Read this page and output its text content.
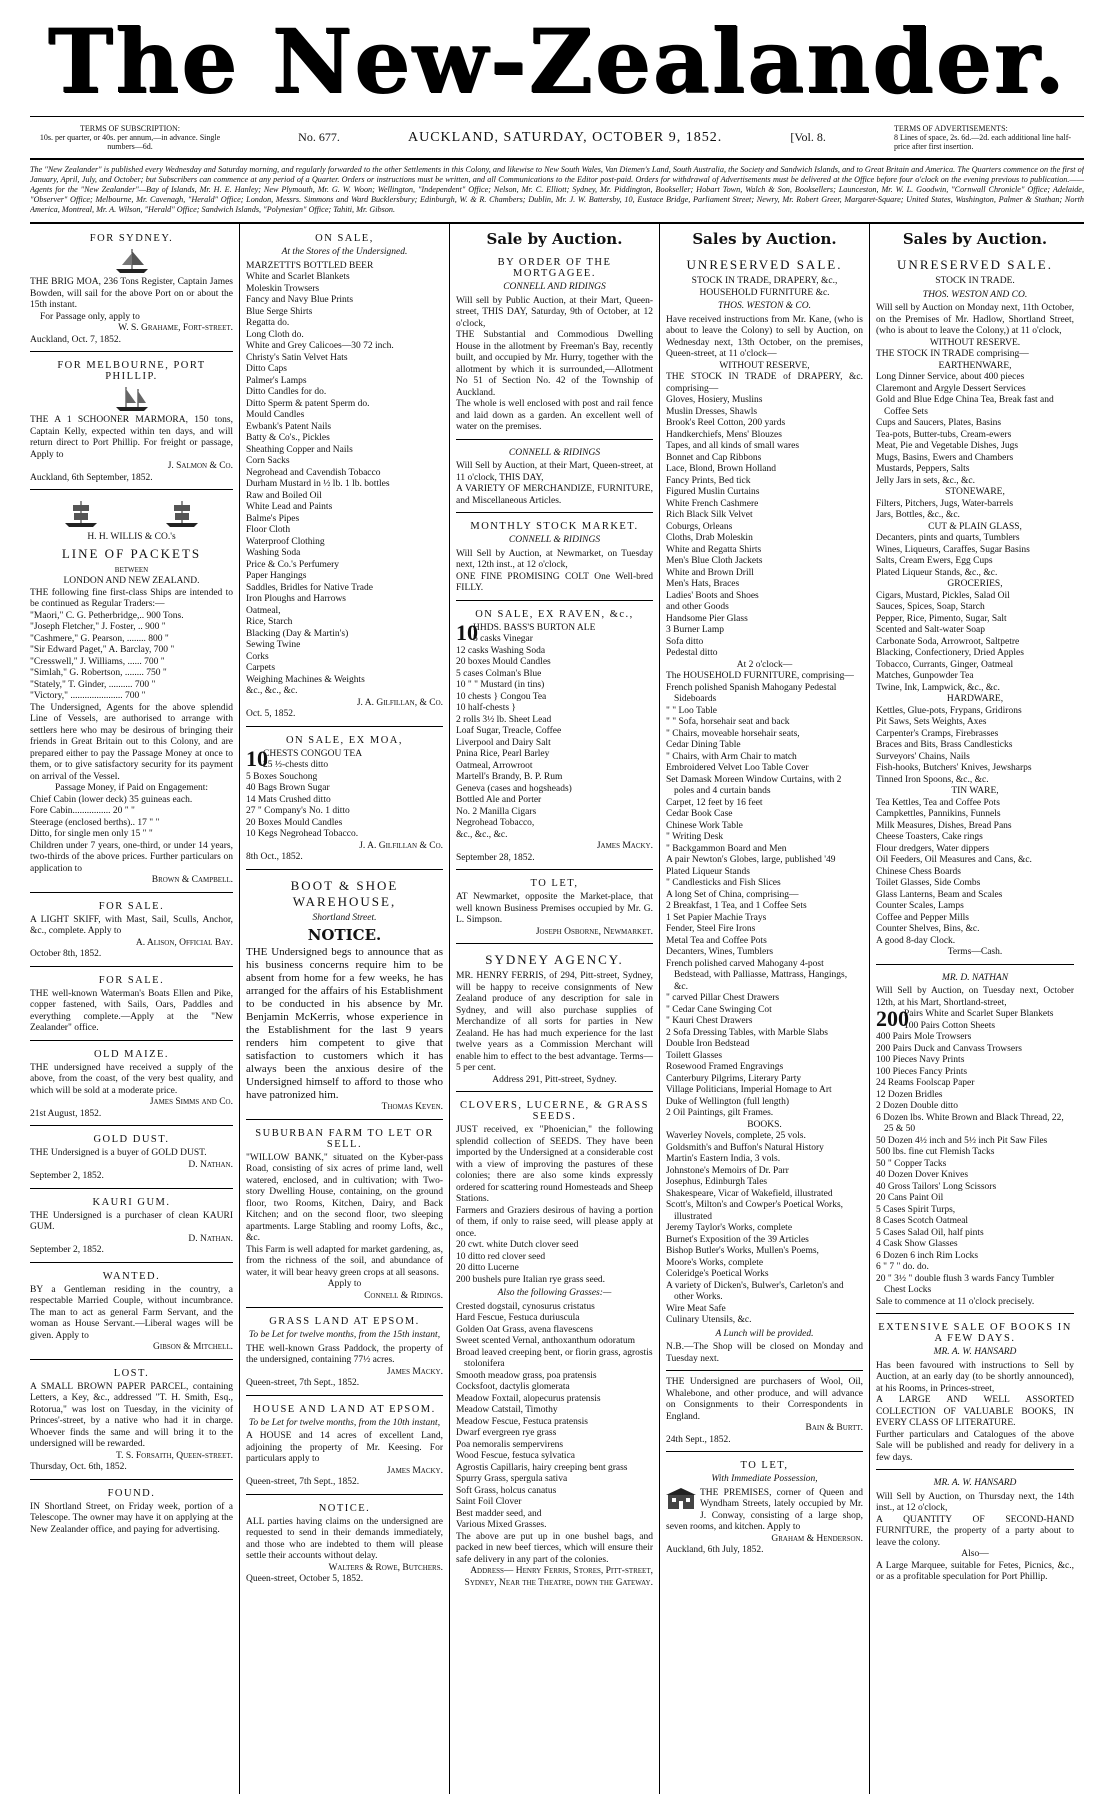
The New-Zealander.
TERMS OF SUBSCRIPTION:
10s. per quarter, or 40s. per annum,—in advance. Single numbers—6d.
No. 677.	AUCKLAND, SATURDAY, OCTOBER 9, 1852.	[Vol. 8.
TERMS OF ADVERTISEMENTS:
8 Lines of space, 2s. 6d.—2d. each additional line half-price after first insertion.
The "New Zealander" is published every Wednesday and Saturday morning, and regularly forwarded to the other Settlements in this Colony, and likewise to New South Wales, Van Diemen's Land, South Australia, the Society and Sandwich Islands, and to Great Britain and America. The Quarters commence on the first of January, April, July, and October; but Subscribers can commence at any period of a Quarter. Orders or instructions must be written, and all Communications to the Editor post-paid. Orders for withdrawal of Advertisements must be delivered at the Office before four o'clock on the evening previous to publication.——Agents for the "New Zealander"—Bay of Islands, Mr. H. E. Hanley; New Plymouth, Mr. G. W. Woon; Wellington, "Independent" Office; Nelson, Mr. C. Elliott; Sydney, Mr. Piddington, Bookseller; Hobart Town, Walch & Son, Booksellers; Launceston, Mr. W. L. Goodwin, "Cornwall Chronicle" Office; Adelaide, "Observer" Office; Melbourne, Mr. Cavenagh, "Herald" Office; London, Messrs. Simmons and Ward Bucklersbury; Edinburgh, W. & R. Chambers; Dublin, Mr. J. W. Battersby, 10, Eustace Bridge, Parliament Street; Newry, Mr. Robert Greer, Margaret-Square; United States, Washington, Palmer & Stathan; North America, Montreal, Mr. A. Wilson, "Herald" Office; Sandwich Islands, "Polynesian" Office; Tahiti, Mr. Gibson.
FOR SYDNEY.

THE BRIG MOA, 236 Tons Register, Captain James Bowden, will sail for the above Port on or about the 15th instant.

For Passage only, apply to

W. S. Grahame, Fort-street.

Auckland, Oct. 7, 1852.

FOR MELBOURNE, PORT PHILLIP.

THE A 1 SCHOONER MARMORA, 150 tons, Captain Kelly, expected within ten days, and will return direct to Port Phillip. For freight or passage, Apply to

J. Salmon & Co.

Auckland, 6th September, 1852.

H. H. WILLIS & CO.'s

LINE OF PACKETS

BETWEEN

LONDON AND NEW ZEALAND.

THE following fine first-class Ships are intended to be continued as Regular Traders:—

"Maori," C. G. Petherbridge,.. 900 Tons.

"Joseph Fletcher," J. Foster, .. 900 "

"Cashmere," G. Pearson, ........ 800 "

"Sir Edward Paget," A. Barclay, 700 "

"Cresswell," J. Williams, ...... 700 "

"Simlah," G. Robertson, ........ 750 "

"Stately," T. Ginder, .......... 700 "

"Victory," ...................... 700 "

The Undersigned, Agents for the above splendid Line of Vessels, are authorised to arrange with settlers here who may be desirous of bringing their friends in Great Britain out to this Colony, and are prepared either to pay the Passage Money at once to them, or to give satisfactory security for its payment on arrival of the Vessel.

Passage Money, if Paid on Engagement:

Chief Cabin (lower deck) 35 guineas each.

Fore Cabin................ 20 " "

Steerage (enclosed berths).. 17 " "

Ditto, for single men only 15 " "

Children under 7 years, one-third, or under 14 years, two-thirds of the above prices. Further particulars on application to

Brown & Campbell.

FOR SALE.

A LIGHT SKIFF, with Mast, Sail, Sculls, Anchor, &c., complete. Apply to

A. Alison, Official Bay.

October 8th, 1852.

FOR SALE.

THE well-known Waterman's Boats Ellen and Pike, copper fastened, with Sails, Oars, Paddles and everything complete.—Apply at the "New Zealander" office.

OLD MAIZE.

THE undersigned have received a supply of the above, from the coast, of the very best quality, and which will be sold at a moderate price.

James Simms and Co.

21st August, 1852.

GOLD DUST.

THE Undersigned is a buyer of GOLD DUST.

D. Nathan.

September 2, 1852.

KAURI GUM.

THE Undersigned is a purchaser of clean KAURI GUM.

D. Nathan.

September 2, 1852.

WANTED.

BY a Gentleman residing in the country, a respectable Married Couple, without incumbrance. The man to act as general Farm Servant, and the woman as House Servant.—Liberal wages will be given. Apply to

Gibson & Mitchell.

LOST.

A SMALL BROWN PAPER PARCEL, containing Letters, a Key, &c., addressed "T. H. Smith, Esq., Rotorua," was lost on Tuesday, in the vicinity of Princes'-street, by a native who had it in charge. Whoever finds the same and will bring it to the undersigned will be rewarded.

T. S. Forsaith, Queen-street.

Thursday, Oct. 6th, 1852.

FOUND.

IN Shortland Street, on Friday week, portion of a Telescope. The owner may have it on applying at the New Zealander office, and paying for advertising.

ON SALE,

At the Stores of the Undersigned.

MARZETTI'S BOTTLED BEER

White and Scarlet Blankets

Moleskin Trowsers

Fancy and Navy Blue Prints

Blue Serge Shirts

Regatta do.

Long Cloth do.

White and Grey Calicoes—30 72 inch.

Christy's Satin Velvet Hats

Ditto Caps

Palmer's Lamps

Ditto Candles for do.

Ditto Sperm & patent Sperm do.

Mould Candles

Ewbank's Patent Nails

Batty & Co's., Pickles

Sheathing Copper and Nails

Corn Sacks

Negrohead and Cavendish Tobacco

Durham Mustard in ½ lb. 1 lb. bottles

Raw and Boiled Oil

White Lead and Paints

Balme's Pipes

Floor Cloth

Waterproof Clothing

Washing Soda

Price & Co.'s Perfumery

Paper Hangings

Saddles, Bridles for Native Trade

Iron Ploughs and Harrows

Oatmeal,

Rice, Starch

Blacking (Day & Martin's)

Sewing Twine

Corks

Carpets

Weighing Machines & Weights

&c., &c., &c.

J. A. Gilfillan, & Co.

Oct. 5, 1852.

ON SALE, EX MOA,
10

CHESTS CONGOU TEA

25 ½-chests ditto

5 Boxes Souchong

40 Bags Brown Sugar

14 Mats Crushed ditto

27 " Company's No. 1 ditto

20 Boxes Mould Candles

10 Kegs Negrohead Tobacco.

J. A. Gilfillan & Co.

8th Oct., 1852.

BOOT & SHOE WAREHOUSE,

Shortland Street.

NOTICE.

THE Undersigned begs to announce that as his business concerns require him to be absent from home for a few weeks, he has arranged for the affairs of his Establishment to be conducted in his absence by Mr. Benjamin McKerris, whose experience in the Establishment for the last 9 years renders him competent to give that satisfaction to customers which it has always been the anxious desire of the Undersigned himself to afford to those who have patronized him.

Thomas Keven.

SUBURBAN FARM TO LET OR SELL.

"WILLOW BANK," situated on the Kyber-pass Road, consisting of six acres of prime land, well watered, enclosed, and in cultivation; with Two-story Dwelling House, containing, on the ground floor, two Rooms, Kitchen, Dairy, and Back Kitchen; and on the second floor, two sleeping apartments. Large Stabling and roomy Lofts, &c., &c.

This Farm is well adapted for market gardening, as, from the richness of the soil, and abundance of water, it will bear heavy green crops at all seasons.

Apply to

Connell & Ridings.

GRASS LAND AT EPSOM.

To be Let for twelve months, from the 15th instant,

THE well-known Grass Paddock, the property of the undersigned, containing 77½ acres.

James Macky.

Queen-street, 7th Sept., 1852.

HOUSE AND LAND AT EPSOM.

To be Let for twelve months, from the 10th instant,

A HOUSE and 14 acres of excellent Land, adjoining the property of Mr. Keesing. For particulars apply to

James Macky.

Queen-street, 7th Sept., 1852.

NOTICE.

ALL parties having claims on the undersigned are requested to send in their demands immediately, and those who are indebted to them will please settle their accounts without delay.

Walters & Rowe, Butchers.

Queen-street, October 5, 1852.

Sale by Auction.
BY ORDER OF THE MORTGAGEE.

CONNELL AND RIDINGS

Will sell by Public Auction, at their Mart, Queen-street, THIS DAY, Saturday, 9th of October, at 12 o'clock,

THE Substantial and Commodious Dwelling House in the allotment by Freeman's Bay, recently built, and occupied by Mr. Hurry, together with the allotment by which it is surrounded,—Allotment No 51 of Section No. 42 of the Township of Auckland.

The whole is well enclosed with post and rail fence and laid down as a garden. An excellent well of water on the premises.

CONNELL & RIDINGS

Will Sell by Auction, at their Mart, Queen-street, at 11 o'clock, THIS DAY,

A VARIETY OF MERCHANDIZE, FURNITURE, and Miscellaneous Articles.

MONTHLY STOCK MARKET.

CONNELL & RIDINGS

Will Sell by Auction, at Newmarket, on Tuesday next, 12th inst., at 12 o'clock,

ONE FINE PROMISING COLT One Well-bred FILLY.

ON SALE, EX RAVEN, &c.,
10

HHDS. BASS'S BURTON ALE

5 casks Vinegar

12 casks Washing Soda

20 boxes Mould Candles

5 cases Colman's Blue

10 " " Mustard (in tins)

10 chests } Congou Tea

10 half-chests }

2 rolls 3½ lb. Sheet Lead

Loaf Sugar, Treacle, Coffee

Liverpool and Dairy Salt

Pnina Rice, Pearl Barley

Oatmeal, Arrowroot

Martell's Brandy, B. P. Rum

Geneva (cases and hogsheads)

Bottled Ale and Porter

No. 2 Manilla Cigars

Negrohead Tobacco,

&c., &c., &c.

James Macky.

September 28, 1852.

TO LET,

AT Newmarket, opposite the Market-place, that well known Business Premises occupied by Mr. G. L. Simpson.

Joseph Osborne, Newmarket.

SYDNEY AGENCY.

MR. HENRY FERRIS, of 294, Pitt-street, Sydney, will be happy to receive consignments of New Zealand produce of any description for sale in Sydney, and will also purchase supplies of Merchandize of all sorts for parties in New Zealand. He has had much experience for the last twelve years as a Commission Merchant will enable him to effect to the best advantage. Terms—5 per cent.

Address 291, Pitt-street, Sydney.

CLOVERS, LUCERNE, & GRASS SEEDS.

JUST received, ex "Phoenician," the following splendid collection of SEEDS. They have been imported by the Undersigned at a considerable cost with a view of improving the pastures of these colonies; there are also some kinds expressly ordered for scattering round Homesteads and Sheep Stations.

Farmers and Graziers desirous of having a portion of them, if only to raise seed, will please apply at once.

20 cwt. white Dutch clover seed

10 ditto red clover seed

20 ditto Lucerne

200 bushels pure Italian rye grass seed.

Also the following Grasses:—

Crested dogstail, cynosurus cristatus

Hard Fescue, Festuca duriuscula

Golden Oat Grass, avena flavescens

Sweet scented Vernal, anthoxanthum odoratum

Broad leaved creeping bent, or fiorin grass, agrostis stolonifera

Smooth meadow grass, poa pratensis

Cocksfoot, dactylis glomerata

Meadow Foxtail, alopecurus pratensis

Meadow Catstail, Timothy

Meadow Fescue, Festuca pratensis

Dwarf evergreen rye grass

Poa nemoralis sempervirens

Wood Fescue, festuca sylvatica

Agrostis Capillaris, hairy creeping bent grass

Spurry Grass, spergula sativa

Soft Grass, holcus canatus

Saint Foil Clover

Best madder seed, and

Various Mixed Grasses.

The above are put up in one bushel bags, and packed in new beef tierces, which will ensure their safe delivery in any part of the colonies.

Address— Henry Ferris, Stores, Pitt-street, Sydney, Near the Theatre, down the Gateway.

Sales by Auction.
UNRESERVED SALE.

STOCK IN TRADE, DRAPERY, &c.,

HOUSEHOLD FURNITURE &c.

THOS. WESTON & CO.

Have received instructions from Mr. Kane, (who is about to leave the Colony) to sell by Auction, on Wednesday next, 13th October, on the premises, Queen-street, at 11 o'clock—

WITHOUT RESERVE,

THE STOCK IN TRADE of DRAPERY, &c. comprising—

Gloves, Hosiery, Muslins

Muslin Dresses, Shawls

Brook's Reel Cotton, 200 yards

Handkerchiefs, Mens' Blouzes

Tapes, and all kinds of small wares

Bonnet and Cap Ribbons

Lace, Blond, Brown Holland

Fancy Prints, Bed tick

Figured Muslin Curtains

White French Cashmere

Rich Black Silk Velvet

Coburgs, Orleans

Cloths, Drab Moleskin

White and Regatta Shirts

Men's Blue Cloth Jackets

White and Brown Drill

Men's Hats, Braces

Ladies' Boots and Shoes

and other Goods

Handsome Pier Glass

3 Burner Lamp

Sofa ditto

Pedestal ditto

At 2 o'clock—

The HOUSEHOLD FURNITURE, comprising—

French polished Spanish Mahogany Pedestal Sideboards

" " Loo Table

" " Sofa, horsehair seat and back

" Chairs, moveable horsehair seats,

Cedar Dining Table

" Chairs, with Arm Chair to match

Embroidered Velvet Loo Table Cover

Set Damask Moreen Window Curtains, with 2 poles and 4 curtain bands

Carpet, 12 feet by 16 feet

Cedar Book Case

Chinese Work Table

" Writing Desk

" Backgammon Board and Men

A pair Newton's Globes, large, published '49

Plated Liqueur Stands

" Candlesticks and Fish Slices

A long Set of China, comprising—

2 Breakfast, 1 Tea, and 1 Coffee Sets

1 Set Papier Machie Trays

Fender, Steel Fire Irons

Metal Tea and Coffee Pots

Decanters, Wines, Tumblers

French polished carved Mahogany 4-post Bedstead, with Palliasse, Mattrass, Hangings, &c.

" carved Pillar Chest Drawers

" Cedar Cane Swinging Cot

" Kauri Chest Drawers

2 Sofa Dressing Tables, with Marble Slabs

Double Iron Bedstead

Toilett Glasses

Rosewood Framed Engravings

Canterbury Pilgrims, Literary Party

Village Politicians, Imperial Homage to Art

Duke of Wellington (full length)

2 Oil Paintings, gilt Frames.

BOOKS.

Waverley Novels, complete, 25 vols.

Goldsmith's and Buffon's Natural History

Martin's Eastern India, 3 vols.

Johnstone's Memoirs of Dr. Parr

Josephus, Edinburgh Tales

Shakespeare, Vicar of Wakefield, illustrated

Scott's, Milton's and Cowper's Poetical Works, illustrated

Jeremy Taylor's Works, complete

Burnet's Exposition of the 39 Articles

Bishop Butler's Works, Mullen's Poems,

Moore's Works, complete

Coleridge's Poetical Works

A variety of Dicken's, Bulwer's, Carleton's and other Works.

Wire Meat Safe

Culinary Utensils, &c.

A Lunch will be provided.

N.B.—The Shop will be closed on Monday and Tuesday next.

THE Undersigned are purchasers of Wool, Oil, Whalebone, and other produce, and will advance on Consignments to their Correspondents in England.

Bain & Burtt.

24th Sept., 1852.

TO LET,

With Immediate Possession,

THE PREMISES, corner of Queen and Wyndham Streets, lately occupied by Mr. J. Conway, consisting of a large shop, seven rooms, and kitchen. Apply to

Graham & Henderson.

Auckland, 6th July, 1852.

Sales by Auction.
UNRESERVED SALE.

STOCK IN TRADE.

THOS. WESTON AND CO.

Will sell by Auction on Monday next, 11th October, on the Premises of Mr. Hadlow, Shortland Street, (who is about to leave the Colony,) at 11 o'clock,

WITHOUT RESERVE.

THE STOCK IN TRADE comprising—

EARTHENWARE,

Long Dinner Service, about 400 pieces

Claremont and Argyle Dessert Services

Gold and Blue Edge China Tea, Break fast and Coffee Sets

Cups and Saucers, Plates, Basins

Tea-pots, Butter-tubs, Cream-ewers

Meat, Pie and Vegetable Dishes, Jugs

Mugs, Basins, Ewers and Chambers

Mustards, Peppers, Salts

Jelly Jars in sets, &c., &c.

STONEWARE,

Filters, Pitchers, Jugs, Water-barrels

Jars, Bottles, &c., &c.

CUT & PLAIN GLASS,

Decanters, pints and quarts, Tumblers

Wines, Liqueurs, Caraffes, Sugar Basins

Salts, Cream Ewers, Egg Cups

Plated Liqueur Stands, &c., &c.

GROCERIES,

Cigars, Mustard, Pickles, Salad Oil

Sauces, Spices, Soap, Starch

Pepper, Rice, Pimento, Sugar, Salt

Scented and Salt-water Soap

Carbonate Soda, Arrowroot, Saltpetre

Blacking, Confectionery, Dried Apples

Tobacco, Currants, Ginger, Oatmeal

Matches, Gunpowder Tea

Twine, Ink, Lampwick, &c., &c.

HARDWARE,

Kettles, Glue-pots, Frypans, Gridirons

Pit Saws, Sets Weights, Axes

Carpenter's Cramps, Firebrasses

Braces and Bits, Brass Candlesticks

Surveyors' Chains, Nails

Fish-hooks, Butchers' Knives, Jewsharps

Tinned Iron Spoons, &c., &c.

TIN WARE,

Tea Kettles, Tea and Coffee Pots

Campkettles, Pannikins, Funnels

Milk Measures, Dishes, Bread Pans

Cheese Toasters, Cake rings

Flour dredgers, Water dippers

Oil Feeders, Oil Measures and Cans, &c.

Chinese Chess Boards

Toilet Glasses, Side Combs

Glass Lanterns, Beam and Scales

Counter Scales, Lamps

Coffee and Pepper Mills

Counter Shelves, Bins, &c.

A good 8-day Clock.

Terms—Cash.

MR. D. NATHAN

Will Sell by Auction, on Tuesday next, October 12th, at his Mart, Shortland-street,

200

Pairs White and Scarlet Super Blankets

100 Pairs Cotton Sheets

400 Pairs Mole Trowsers

200 Pairs Duck and Canvass Trowsers

100 Pieces Navy Prints

100 Pieces Fancy Prints

24 Reams Foolscap Paper

12 Dozen Bridles

2 Dozen Double ditto

6 Dozen lbs. White Brown and Black Thread, 22, 25 & 50

50 Dozen 4½ inch and 5½ inch Pit Saw Files

500 lbs. fine cut Flemish Tacks

50 " Copper Tacks

40 Dozen Dover Knives

40 Gross Tailors' Long Scissors

20 Cans Paint Oil

5 Cases Spirit Turps,

8 Cases Scotch Oatmeal

5 Cases Salad Oil, half pints

4 Cask Show Glasses

6 Dozen 6 inch Rim Locks

6 " 7 " do. do.

20 " 3½ " double flush 3 wards Fancy Tumbler Chest Locks

Sale to commence at 11 o'clock precisely.

EXTENSIVE SALE OF BOOKS IN A FEW DAYS.

MR. A. W. HANSARD

Has been favoured with instructions to Sell by Auction, at an early day (to be shortly announced), at his Rooms, in Princes-street,

A LARGE AND WELL ASSORTED COLLECTION OF VALUABLE BOOKS, IN EVERY CLASS OF LITERATURE.

Further particulars and Catalogues of the above Sale will be published and ready for delivery in a few days.

MR. A. W. HANSARD

Will Sell by Auction, on Thursday next, the 14th inst., at 12 o'clock,

A QUANTITY OF SECOND-HAND FURNITURE, the property of a party about to leave the colony.

Also—

A Large Marquee, suitable for Fetes, Picnics, &c., or as a profitable speculation for Port Phillip.
